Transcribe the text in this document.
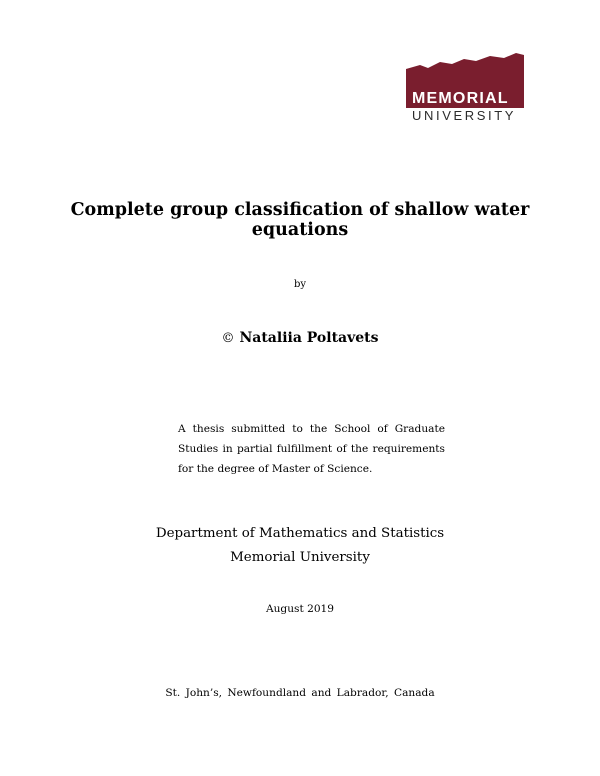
MEMORIAL
UNIVERSITY
Complete group classification of shallow water
equations
by
© Nataliia Poltavets
A thesis submitted to the School of Graduate Studies in partial fulfillment of the requirements for the degree of Master of Science.
Department of Mathematics and Statistics
Memorial University
August 2019
St. John’s, Newfoundland and Labrador, Canada
